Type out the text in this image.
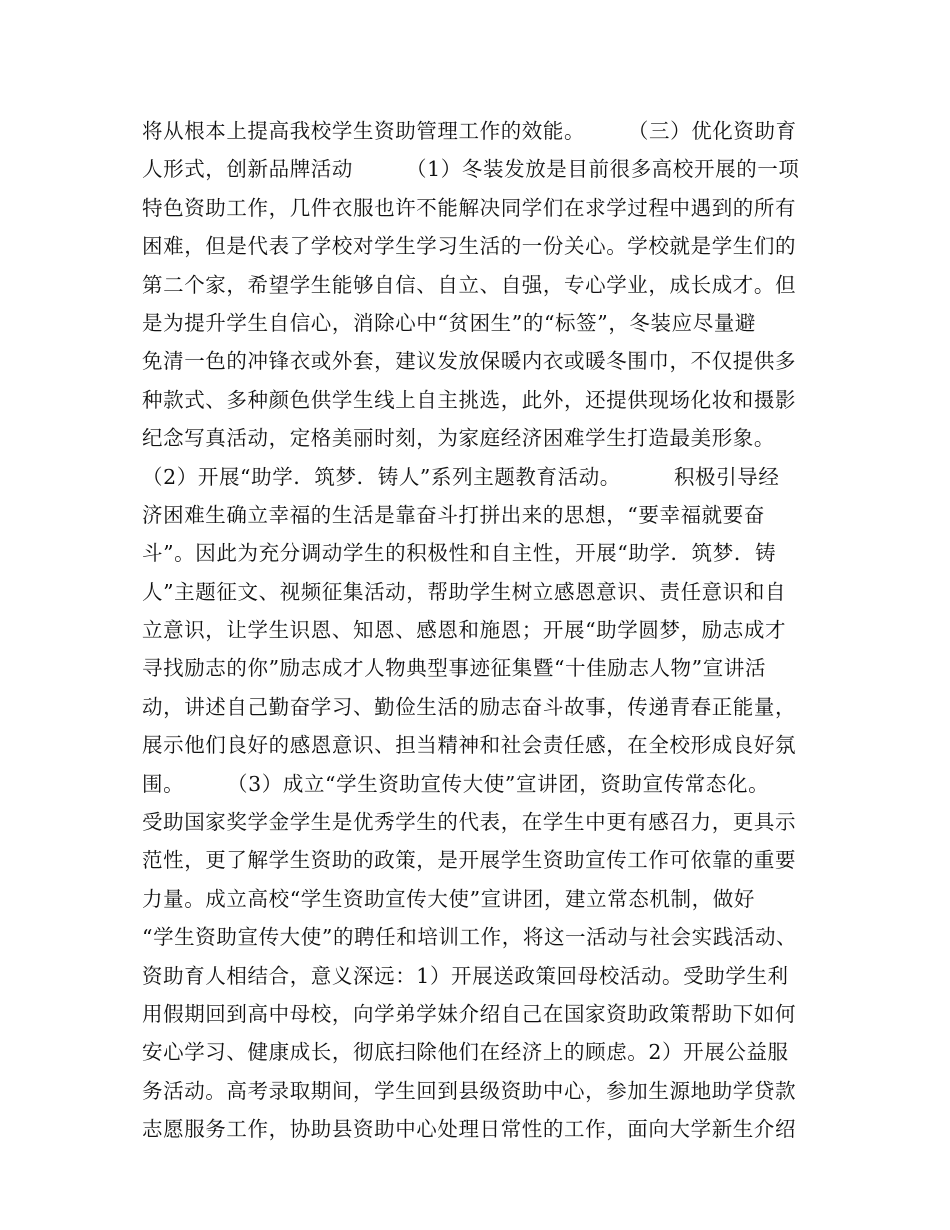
将从根本上提高我校学生资助管理工作的效能。　　　（三）优化资助育
人形式，创新品牌活动　　　（1）冬装发放是目前很多高校开展的一项
特色资助工作，几件衣服也许不能解决同学们在求学过程中遇到的所有
困难，但是代表了学校对学生学习生活的一份关心。学校就是学生们的
第二个家，希望学生能够自信、自立、自强，专心学业，成长成才。但
是为提升学生自信心，消除心中“贫困生”的“标签”，冬装应尽量避
免清一色的冲锋衣或外套，建议发放保暖内衣或暖冬围巾，不仅提供多
种款式、多种颜色供学生线上自主挑选，此外，还提供现场化妆和摄影
纪念写真活动，定格美丽时刻，为家庭经济困难学生打造最美形象。
（2）开展“助学．筑梦．铸人”系列主题教育活动。　　　积极引导经
济困难生确立幸福的生活是靠奋斗打拼出来的思想，“要幸福就要奋
斗”。因此为充分调动学生的积极性和自主性，开展“助学．筑梦．铸
人”主题征文、视频征集活动，帮助学生树立感恩意识、责任意识和自
立意识，让学生识恩、知恩、感恩和施恩；开展“助学圆梦，励志成才
寻找励志的你”励志成才人物典型事迹征集暨“十佳励志人物”宣讲活
动，讲述自己勤奋学习、勤俭生活的励志奋斗故事，传递青春正能量，
展示他们良好的感恩意识、担当精神和社会责任感，在全校形成良好氛
围。　　　（3）成立“学生资助宣传大使”宣讲团，资助宣传常态化。
受助国家奖学金学生是优秀学生的代表，在学生中更有感召力，更具示
范性，更了解学生资助的政策，是开展学生资助宣传工作可依靠的重要
力量。成立高校“学生资助宣传大使”宣讲团，建立常态机制，做好
“学生资助宣传大使”的聘任和培训工作，将这一活动与社会实践活动、
资助育人相结合，意义深远：1）开展送政策回母校活动。受助学生利
用假期回到高中母校，向学弟学妹介绍自己在国家资助政策帮助下如何
安心学习、健康成长，彻底扫除他们在经济上的顾虑。2）开展公益服
务活动。高考录取期间，学生回到县级资助中心，参加生源地助学贷款
志愿服务工作，协助县资助中心处理日常性的工作，面向大学新生介绍
